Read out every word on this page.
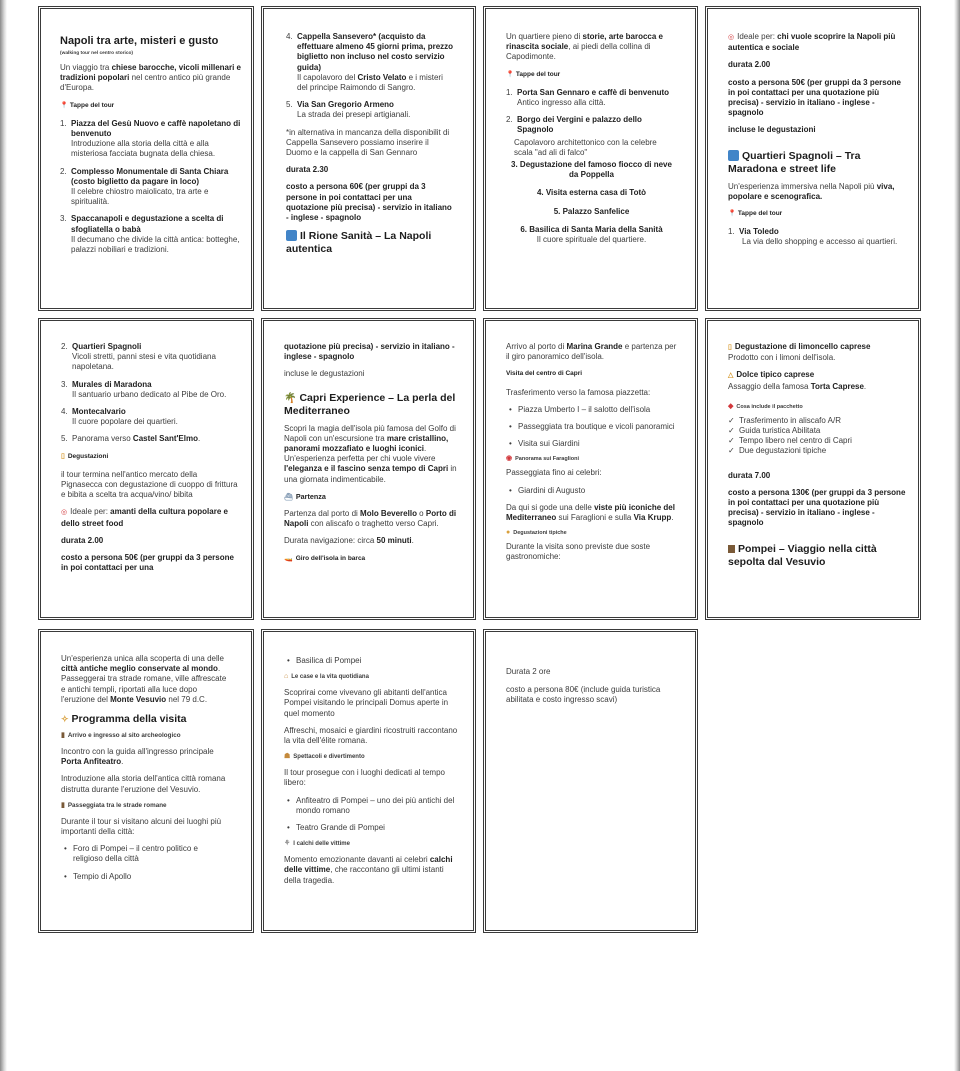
Napoli tra arte, misteri e gusto

(walking tour nel centro storico)

Un viaggio tra chiese barocche, vicoli millenari e tradizioni popolari nel centro antico più grande d'Europa.

📍 Tappe del tour

1. Piazza del Gesù Nuovo e caffè napoletano di benvenuto
Introduzione alla storia della città e alla misteriosa facciata bugnata della chiesa.
2. Complesso Monumentale di Santa Chiara (costo biglietto da pagare in loco)
Il celebre chiostro maiolicato, tra arte e spiritualità.
3. Spaccanapoli e degustazione a scelta di sfogliatella o babà
Il decumano che divide la città antica: botteghe, palazzi nobiliari e tradizioni.
4. Cappella Sansevero* (acquisto da effettuare almeno 45 giorni prima, prezzo biglietto non incluso nel costo servizio guida)
Il capolavoro del Cristo Velato e i misteri del principe Raimondo di Sangro.
5. Via San Gregorio Armeno
La strada dei presepi artigianali.

*in alternativa in mancanza della disponibilit di Cappella Sansevero possiamo inserire il Duomo e la cappella di San Gennaro

durata 2.30

costo a persona 60€ (per gruppi da 3 persone in poi contattaci per una quotazione più precisa) - servizio in italiano - inglese - spagnolo

Il Rione Sanità – La Napoli autentica

Un quartiere pieno di storie, arte barocca e rinascita sociale, ai piedi della collina di Capodimonte.

📍 Tappe del tour

1. Porta San Gennaro e caffè di benvenuto
Antico ingresso alla città.
2. Borgo dei Vergini e palazzo dello Spagnolo

Capolavoro architettonico con la celebre scala "ad ali di falco"

3. Degustazione del famoso fiocco di neve da Poppella

4. Visita esterna casa di Totò

5. Palazzo Sanfelice

6. Basilica di Santa Maria della Sanità

Il cuore spirituale del quartiere.

◎ Ideale per: chi vuole scoprire la Napoli più autentica e sociale

durata 2.00

costo a persona 50€ (per gruppi da 3 persone in poi contattaci per una quotazione più precisa) - servizio in italiano - inglese - spagnolo

incluse le degustazioni

Quartieri Spagnoli – Tra Maradona e street life

Un'esperienza immersiva nella Napoli più viva, popolare e scenografica.

📍 Tappe del tour

1. Via Toledo
La via dello shopping e accesso ai quartieri.
2. Quartieri Spagnoli
Vicoli stretti, panni stesi e vita quotidiana napoletana.
3. Murales di Maradona
Il santuario urbano dedicato al Pibe de Oro.
4. Montecalvario
Il cuore popolare dei quartieri.
5. Panorama verso Castel Sant'Elmo.

▯ Degustazioni

il tour termina nell'antico mercato della Pignasecca con degustazione di cuoppo di frittura e bibita a scelta tra acqua/vino/ bibita

◎ Ideale per: amanti della cultura popolare e dello street food

durata 2.00

costo a persona 50€ (per gruppi da 3 persone in poi contattaci per una

quotazione più precisa) - servizio in italiano - inglese - spagnolo

incluse le degustazioni

🌴 Capri Experience – La perla del Mediterraneo

Scopri la magia dell'isola più famosa del Golfo di Napoli con un'escursione tra mare cristallino, panorami mozzafiato e luoghi iconici. Un'esperienza perfetta per chi vuole vivere l'eleganza e il fascino senza tempo di Capri in una giornata indimenticabile.

⛴ Partenza

Partenza dal porto di Molo Beverello o Porto di Napoli con aliscafo o traghetto verso Capri.

Durata navigazione: circa 50 minuti.

🚤 Giro dell'isola in barca

Arrivo al porto di Marina Grande e partenza per il giro panoramico dell'isola.

Visita del centro di Capri

Trasferimento verso la famosa piazzetta:

• Piazza Umberto I – il salotto dell'isola
• Passeggiata tra boutique e vicoli panoramici
• Visita sui Giardini

◉ Panorama sui Faraglioni

Passeggiata fino ai celebri:

• Giardini di Augusto

Da qui si gode una delle viste più iconiche del Mediterraneo sui Faraglioni e sulla Via Krupp.

● Degustazioni tipiche

Durante la visita sono previste due soste gastronomiche:

▯ Degustazione di limoncello caprese

Prodotto con i limoni dell'isola.

△ Dolce tipico caprese

Assaggio della famosa Torta Caprese.

◆ Cosa include il pacchetto

✓ Trasferimento in aliscafo A/R
✓ Guida turistica Abilitata
✓ Tempo libero nel centro di Capri
✓ Due degustazioni tipiche

durata 7.00

costo a persona 130€ (per gruppi da 3 persone in poi contattaci per una quotazione più precisa) - servizio in italiano - inglese - spagnolo

Pompei – Viaggio nella città sepolta dal Vesuvio

Un'esperienza unica alla scoperta di una delle città antiche meglio conservate al mondo. Passeggerai tra strade romane, ville affrescate e antichi templi, riportati alla luce dopo l'eruzione del Monte Vesuvio nel 79 d.C.

✧ Programma della visita

▮ Arrivo e ingresso al sito archeologico

Incontro con la guida all'ingresso principale Porta Anfiteatro.

Introduzione alla storia dell'antica città romana distrutta durante l'eruzione del Vesuvio.

▮ Passeggiata tra le strade romane

Durante il tour si visitano alcuni dei luoghi più importanti della città:

• Foro di Pompei – il centro politico e religioso della città
• Tempio di Apollo
• Basilica di Pompei

⌂ Le case e la vita quotidiana

Scoprirai come vivevano gli abitanti dell'antica Pompei visitando le principali Domus aperte in quel momento

Affreschi, mosaici e giardini ricostruiti raccontano la vita dell'élite romana.

☗ Spettacoli e divertimento

Il tour prosegue con i luoghi dedicati al tempo libero:

• Anfiteatro di Pompei – uno dei più antichi del mondo romano
• Teatro Grande di Pompei

⚘ I calchi delle vittime

Momento emozionante davanti ai celebri calchi delle vittime, che raccontano gli ultimi istanti della tragedia.

Durata 2 ore

costo a persona 80€ (include guida turistica abilitata e costo ingresso scavi)
